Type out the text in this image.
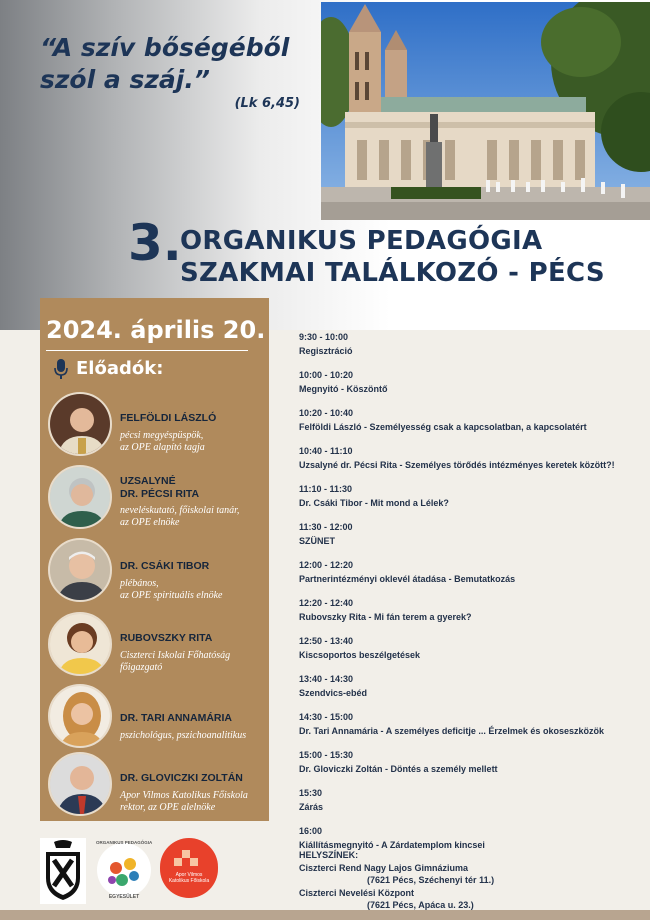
“A szív bőségéből
szól a száj.”
(Lk 6,45)
3.
ORGANIKUS PEDAGÓGIA
SZAKMAI TALÁLKOZÓ - PÉCS
2024. április 20.
Előadók:
FELFÖLDI LÁSZLÓ
pécsi megyéspüspök,
az OPE alapító tagja
UZSALYNÉ
DR. PÉCSI RITA
neveléskutató, főiskolai tanár,
az OPE elnöke
DR. CSÁKI TIBOR
plébános,
az OPE spirituális elnöke
RUBOVSZKY RITA
Ciszterci Iskolai Főhatóság
főigazgató
DR. TARI ANNAMÁRIA
pszichológus, pszichoanalitikus
DR. GLOVICZKI ZOLTÁN
Apor Vilmos Katolikus Főiskola
rektor, az OPE alelnöke
9:30 - 10:00
Regisztráció
10:00 - 10:20
Megnyitó - Köszöntő
10:20 - 10:40
Felföldi László - Személyesség csak a kapcsolatban, a kapcsolatért
10:40 - 11:10
Uzsalyné dr. Pécsi Rita - Személyes törődés intézményes keretek között?!
11:10 - 11:30
Dr. Csáki Tibor - Mit mond a Lélek?
11:30 - 12:00
SZÜNET
12:00 - 12:20
Partnerintézményi oklevél átadása - Bemutatkozás
12:20 - 12:40
Rubovszky Rita - Mi fán terem a gyerek?
12:50 - 13:40
Kiscsoportos beszélgetések
13:40 - 14:30
Szendvics-ebéd
14:30 - 15:00
Dr. Tari Annamária - A személyes deficitje ... Érzelmek és okoseszközök
15:00 - 15:30
Dr. Gloviczki Zoltán - Döntés a személy mellett
15:30
Zárás
16:00
Kiállításmegnyitó - A Zárdatemplom kincsei
HELYSZÍNEK:
Ciszterci Rend Nagy Lajos Gimnáziuma
(7621 Pécs, Széchenyi tér 11.)
Ciszterci Nevelési Központ
(7621 Pécs, Apáca u. 23.)
ORGANIKUS PEDAGÓGIA
EGYESÜLET
Apor Vilmos Katolikus Főiskola
